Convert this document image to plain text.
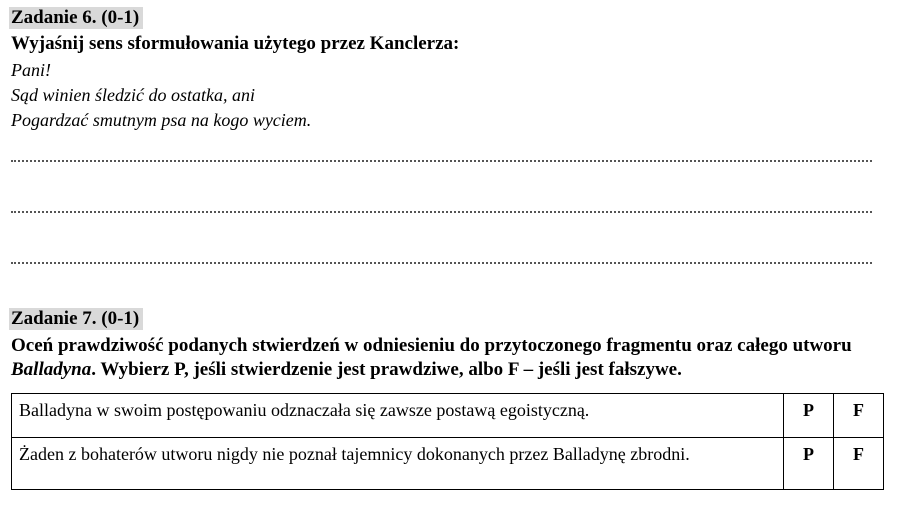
Zadanie 6. (0-1)

Wyjaśnij sens sformułowania użytego przez Kanclerza:

Pani!
Sąd winien śledzić do ostatka, ani
Pogardzać smutnym psa na kogo wyciem.
Zadanie 7. (0-1)

Oceń prawdziwość podanych stwierdzeń w odniesieniu do przytoczonego fragmentu oraz całego utworu Balladyna. Wybierz P, jeśli stwierdzenie jest prawdziwe, albo F – jeśli jest fałszywe.

Balladyna w swoim postępowaniu odznaczała się zawsze postawą egoistyczną.	P	F
Żaden z bohaterów utworu nigdy nie poznał tajemnicy dokonanych przez Balladynę zbrodni.	P	F
